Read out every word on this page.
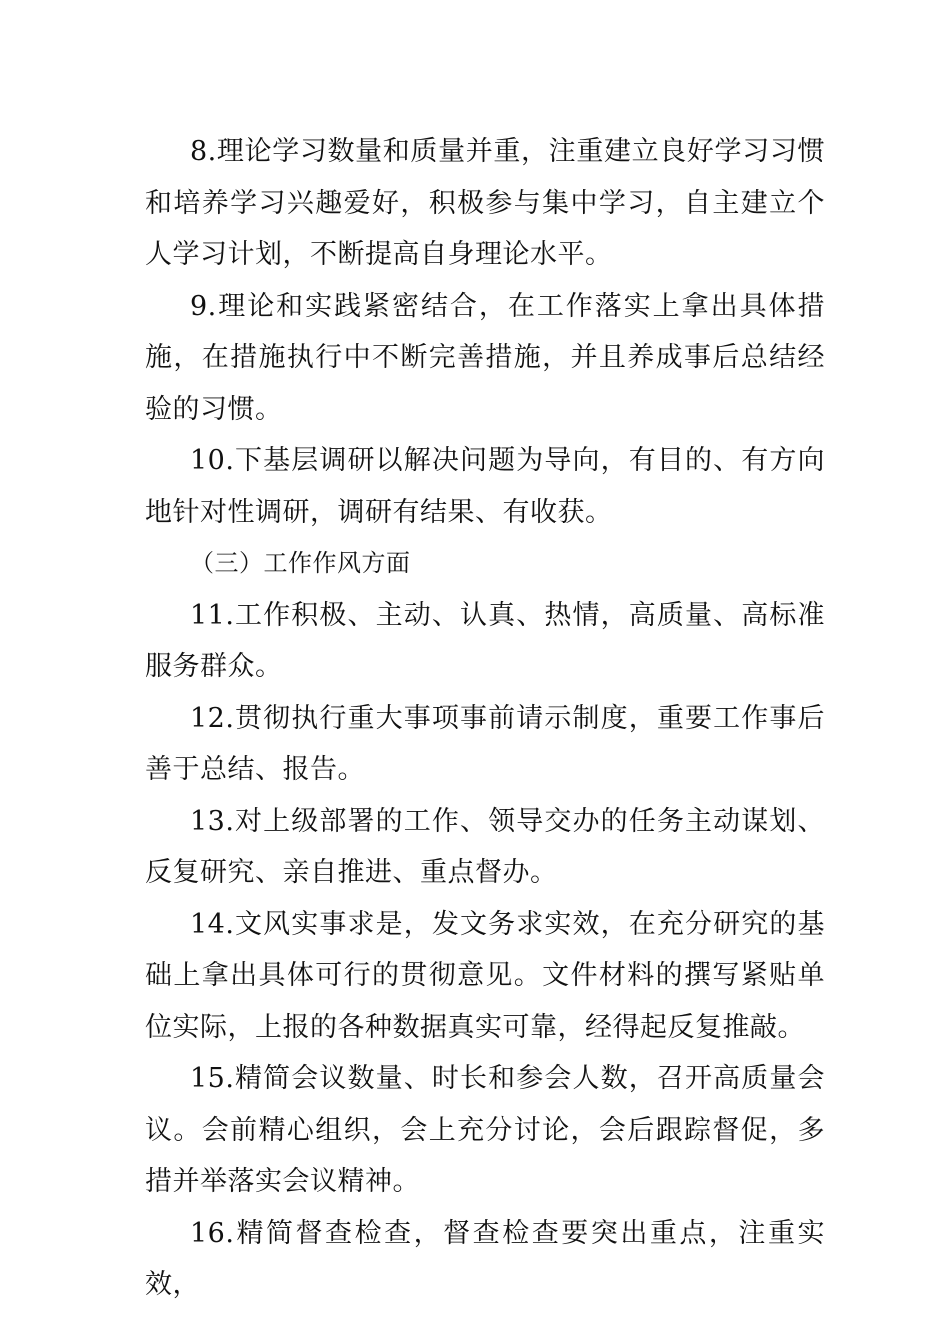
8.理论学习数量和质量并重，注重建立良好学习习惯和培养学习兴趣爱好，积极参与集中学习，自主建立个人学习计划，不断提高自身理论水平。

9.理论和实践紧密结合，在工作落实上拿出具体措施，在措施执行中不断完善措施，并且养成事后总结经验的习惯。

10.下基层调研以解决问题为导向，有目的、有方向地针对性调研，调研有结果、有收获。

（三）工作作风方面

11.工作积极、主动、认真、热情，高质量、高标准服务群众。

12.贯彻执行重大事项事前请示制度，重要工作事后善于总结、报告。

13.对上级部署的工作、领导交办的任务主动谋划、反复研究、亲自推进、重点督办。

14.文风实事求是，发文务求实效，在充分研究的基础上拿出具体可行的贯彻意见。文件材料的撰写紧贴单位实际，上报的各种数据真实可靠，经得起反复推敲。

15.精简会议数量、时长和参会人数，召开高质量会议。会前精心组织，会上充分讨论，会后跟踪督促，多措并举落实会议精神。

16.精简督查检查，督查检查要突出重点，注重实效，
